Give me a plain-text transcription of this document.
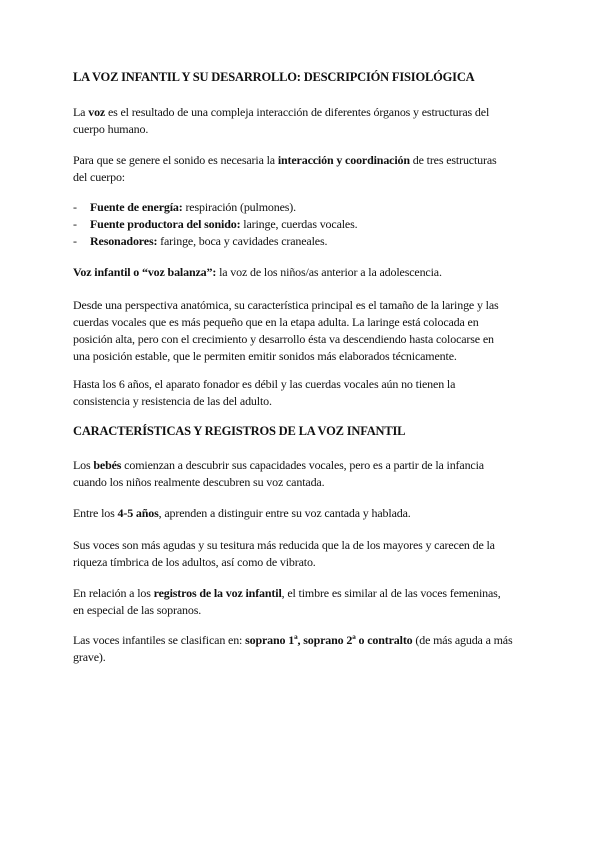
LA VOZ INFANTIL Y SU DESARROLLO: DESCRIPCIÓN FISIOLÓGICA

La voz es el resultado de una compleja interacción de diferentes órganos y estructuras del cuerpo humano.

Para que se genere el sonido es necesaria la interacción y coordinación de tres estructuras del cuerpo:

- Fuente de energía: respiración (pulmones).
- Fuente productora del sonido: laringe, cuerdas vocales.
- Resonadores: faringe, boca y cavidades craneales.

Voz infantil o “voz balanza”: la voz de los niños/as anterior a la adolescencia.

Desde una perspectiva anatómica, su característica principal es el tamaño de la laringe y las cuerdas vocales que es más pequeño que en la etapa adulta. La laringe está colocada en posición alta, pero con el crecimiento y desarrollo ésta va descendiendo hasta colocarse en una posición estable, que le permiten emitir sonidos más elaborados técnicamente.

Hasta los 6 años, el aparato fonador es débil y las cuerdas vocales aún no tienen la consistencia y resistencia de las del adulto.

CARACTERÍSTICAS Y REGISTROS DE LA VOZ INFANTIL

Los bebés comienzan a descubrir sus capacidades vocales, pero es a partir de la infancia cuando los niños realmente descubren su voz cantada.

Entre los 4-5 años, aprenden a distinguir entre su voz cantada y hablada.

Sus voces son más agudas y su tesitura más reducida que la de los mayores y carecen de la riqueza tímbrica de los adultos, así como de vibrato.

En relación a los registros de la voz infantil, el timbre es similar al de las voces femeninas, en especial de las sopranos.

Las voces infantiles se clasifican en: soprano 1ª, soprano 2ª o contralto (de más aguda a más grave).
